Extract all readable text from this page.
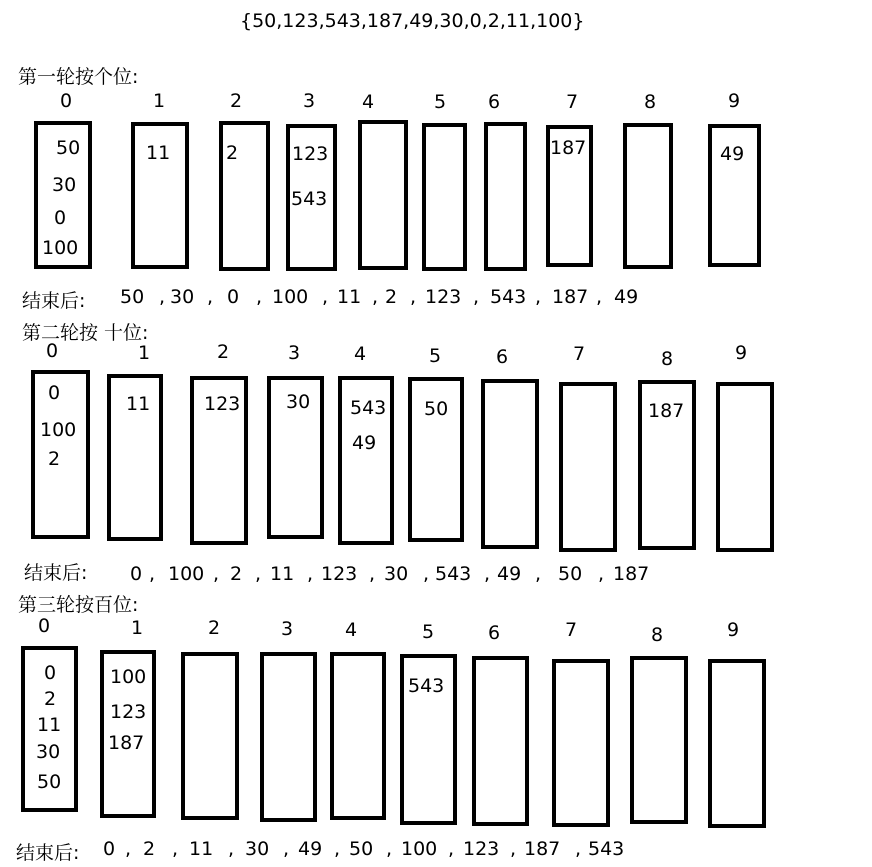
{50,123,543,187,49,30,0,2,11,100}
第一轮按个位:
结束后:
第二轮按 十位:
结束后:
第三轮按百位:
结束后:
0	1	2	3 4	5 6	7	8	9
50
30
0
100
11	2	123
543
187	49
50 30 0 100 11 2 123 543 187 49
, , ,	, , ,	,	,	,
0	1	2	3	4	5	6	7	8	9
0
100
2
11	123 30 543
49
50	187
0 100 2 11 123 30 543 49 50 187
,	, , ,	,	,	, ,	,
0	1	2	3	4	5	6	7	8	9
0
2
11
30
50
100
123
187
543
0 2 11 30 49 50 100 123 187 543
, ,	,	, , ,	,	,	,
